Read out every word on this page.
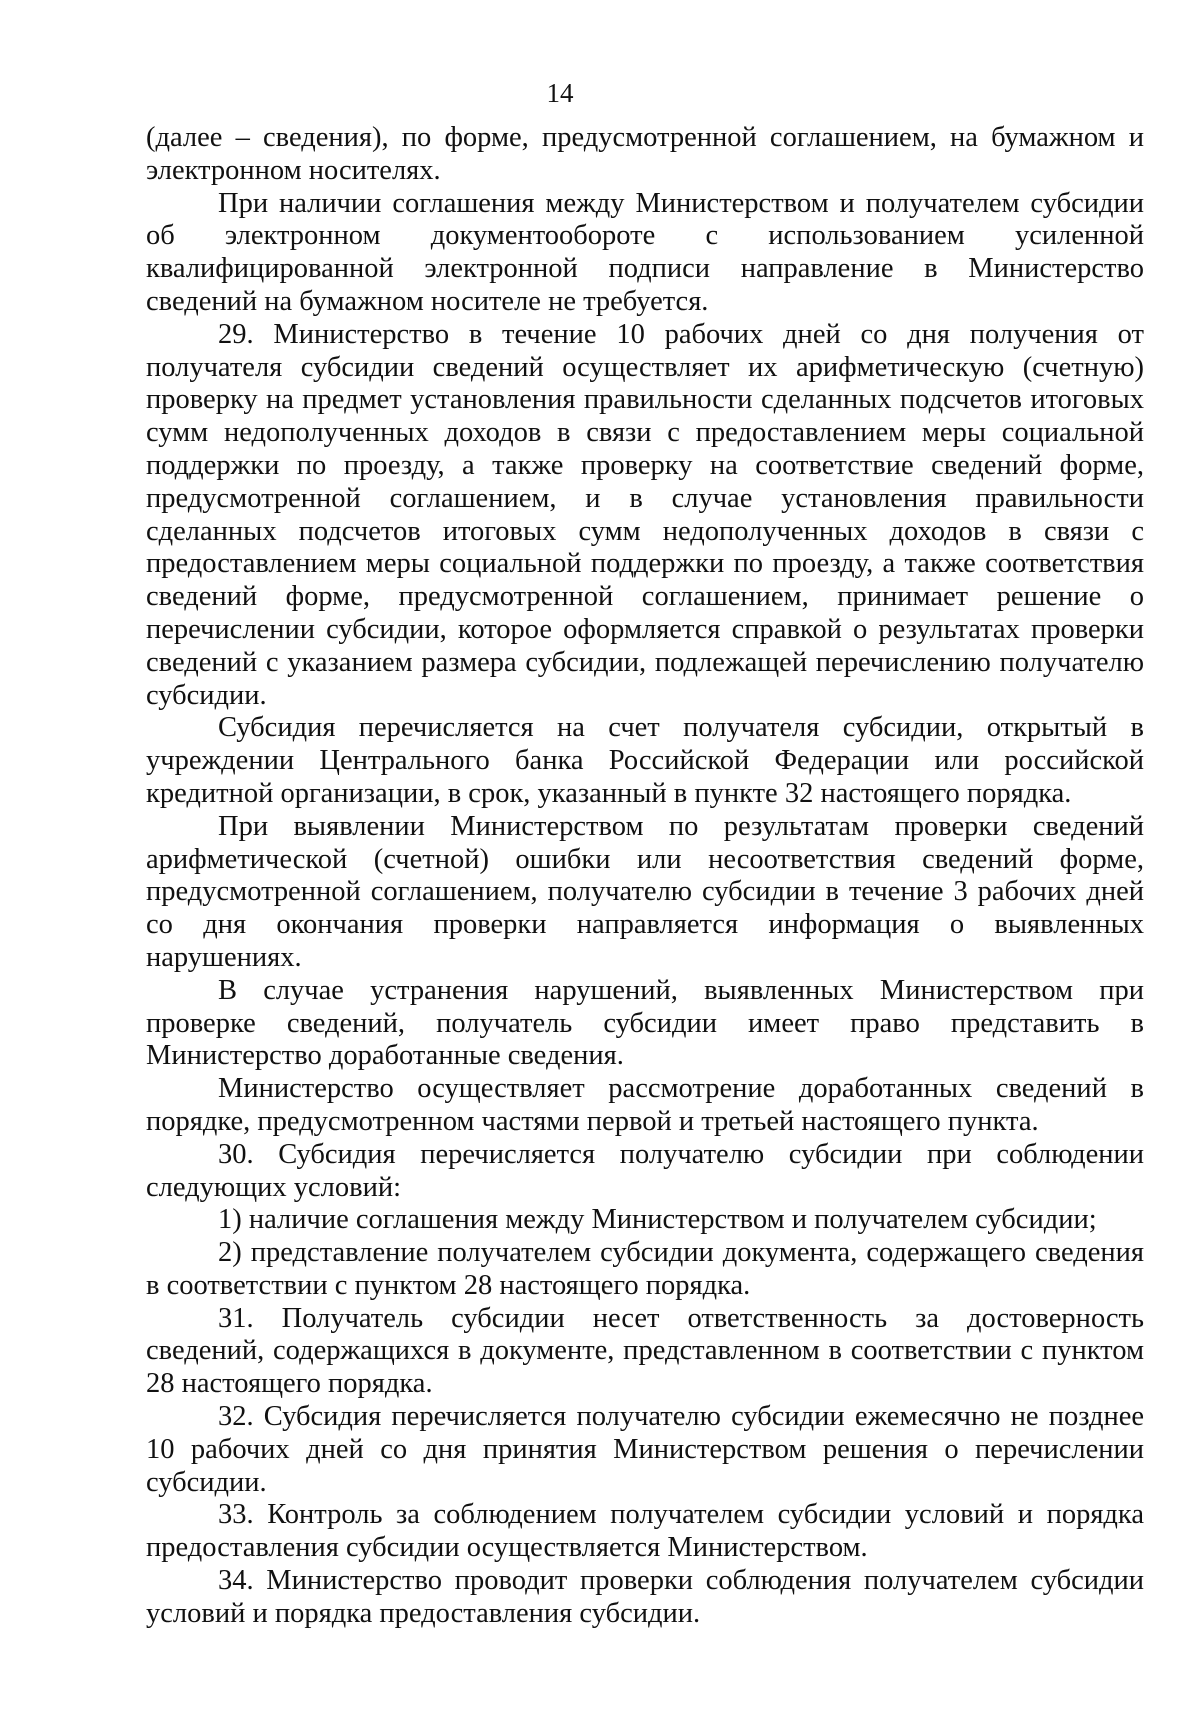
14

(далее – сведения), по форме, предусмотренной соглашением, на бумажном и электронном носителях.

При наличии соглашения между Министерством и получателем субсидии об электронном документообороте с использованием усиленной квалифицированной электронной подписи направление в Министерство сведений на бумажном носителе не требуется.

29. Министерство в течение 10 рабочих дней со дня получения от получателя субсидии сведений осуществляет их арифметическую (счетную) проверку на предмет установления правильности сделанных подсчетов итоговых сумм недополученных доходов в связи с предоставлением меры социальной поддержки по проезду, а также проверку на соответствие сведений форме, предусмотренной соглашением, и в случае установления правильности сделанных подсчетов итоговых сумм недополученных доходов в связи с предоставлением меры социальной поддержки по проезду, а также соответствия сведений форме, предусмотренной соглашением, принимает решение о перечислении субсидии, которое оформляется справкой о результатах проверки сведений с указанием размера субсидии, подлежащей перечислению получателю субсидии.

Субсидия перечисляется на счет получателя субсидии, открытый в учреждении Центрального банка Российской Федерации или российской кредитной организации, в срок, указанный в пункте 32 настоящего порядка.

При выявлении Министерством по результатам проверки сведений арифметической (счетной) ошибки или несоответствия сведений форме, предусмотренной соглашением, получателю субсидии в течение 3 рабочих дней со дня окончания проверки направляется информация о выявленных нарушениях.

В случае устранения нарушений, выявленных Министерством при проверке сведений, получатель субсидии имеет право представить в Министерство доработанные сведения.

Министерство осуществляет рассмотрение доработанных сведений в порядке, предусмотренном частями первой и третьей настоящего пункта.

30. Субсидия перечисляется получателю субсидии при соблюдении следующих условий:

1) наличие соглашения между Министерством и получателем субсидии;

2) представление получателем субсидии документа, содержащего сведения в соответствии с пунктом 28 настоящего порядка.

31. Получатель субсидии несет ответственность за достоверность сведений, содержащихся в документе, представленном в соответствии с пунктом 28 настоящего порядка.

32. Субсидия перечисляется получателю субсидии ежемесячно не позднее 10 рабочих дней со дня принятия Министерством решения о перечислении субсидии.

33. Контроль за соблюдением получателем субсидии условий и порядка предоставления субсидии осуществляется Министерством.

34. Министерство проводит проверки соблюдения получателем субсидии условий и порядка предоставления субсидии.
